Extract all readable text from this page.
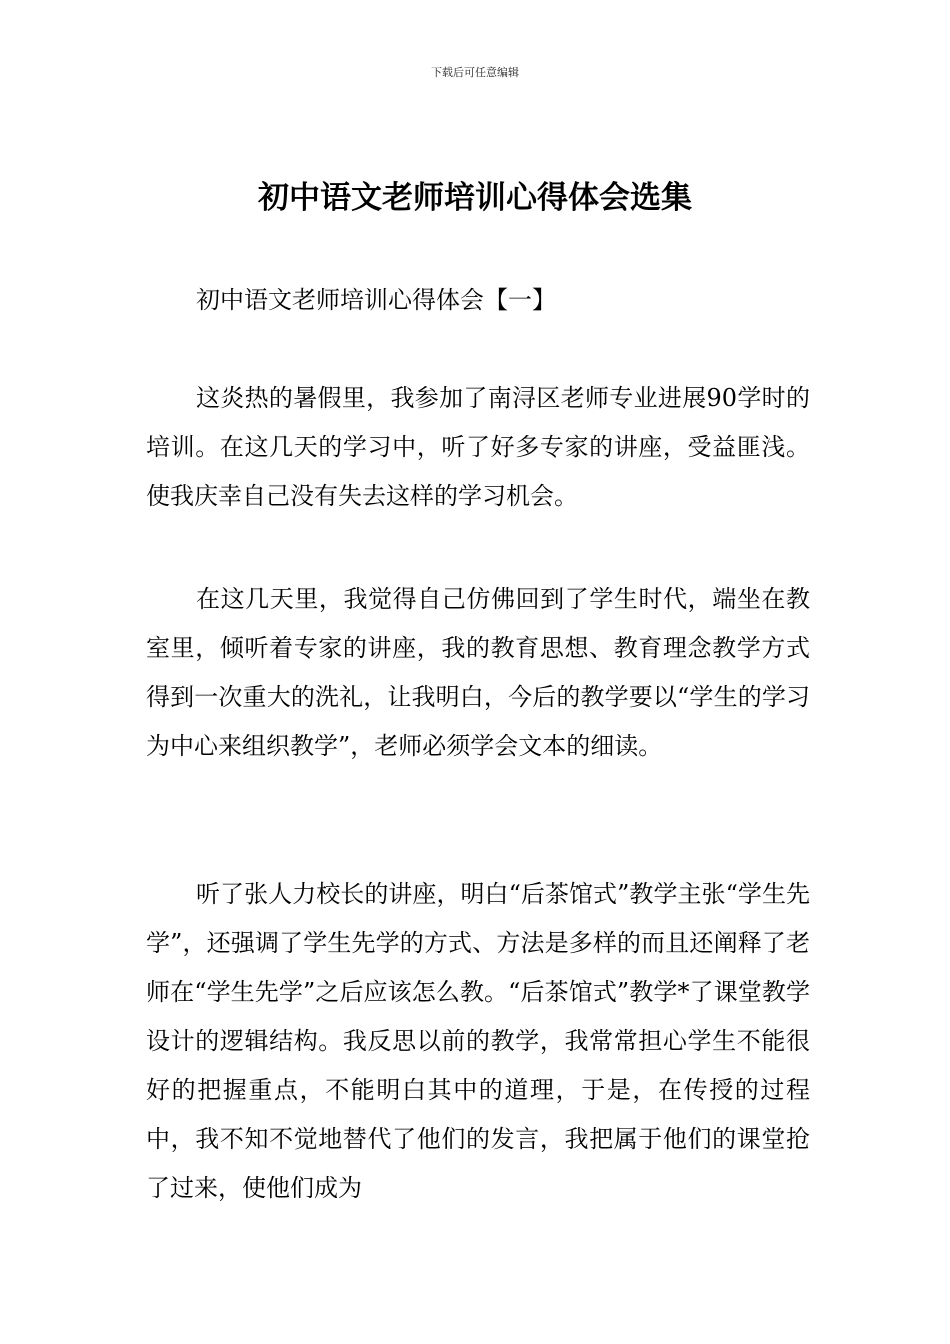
下载后可任意编辑
初中语文老师培训心得体会选集

初中语文老师培训心得体会【一】

这炎热的暑假里，我参加了南浔区老师专业进展90学时的培训。在这几天的学习中，听了好多专家的讲座，受益匪浅。使我庆幸自己没有失去这样的学习机会。

在这几天里，我觉得自己仿佛回到了学生时代，端坐在教室里，倾听着专家的讲座，我的教育思想、教育理念教学方式得到一次重大的洗礼，让我明白，今后的教学要以“学生的学习为中心来组织教学”，老师必须学会文本的细读。

听了张人力校长的讲座，明白“后茶馆式”教学主张“学生先学”，还强调了学生先学的方式、方法是多样的而且还阐释了老师在“学生先学”之后应该怎么教。“后茶馆式”教学*了课堂教学设计的逻辑结构。我反思以前的教学，我常常担心学生不能很好的把握重点，不能明白其中的道理，于是，在传授的过程中，我不知不觉地替代了他们的发言，我把属于他们的课堂抢了过来，使他们成为
